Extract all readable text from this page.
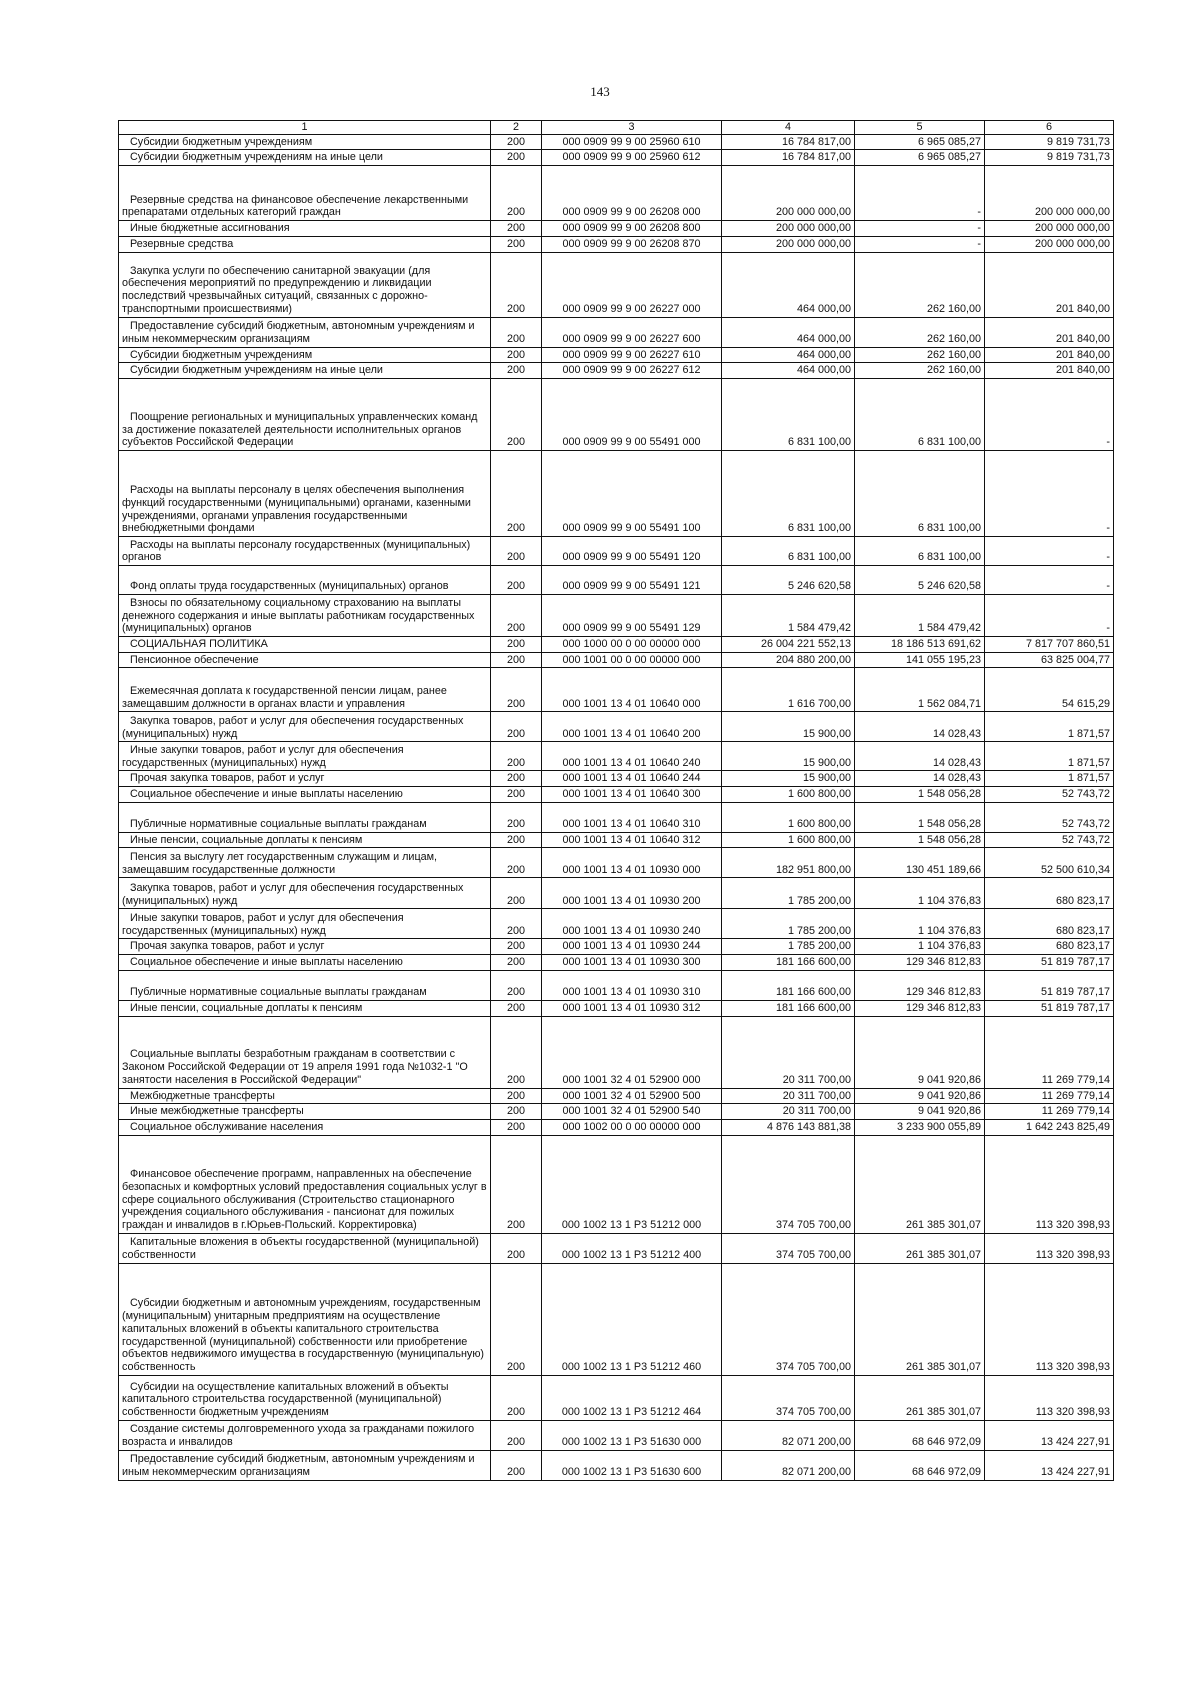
143
1	2	3	4	5	6
Субсидии бюджетным учреждениям	200	000 0909 99 9 00 25960 610	16 784 817,00	6 965 085,27	9 819 731,73
Субсидии бюджетным учреждениям на иные цели	200	000 0909 99 9 00 25960 612	16 784 817,00	6 965 085,27	9 819 731,73
Резервные средства на финансовое обеспечение лекарственными препаратами отдельных категорий граждан	200	000 0909 99 9 00 26208 000	200 000 000,00	-	200 000 000,00
Иные бюджетные ассигнования	200	000 0909 99 9 00 26208 800	200 000 000,00	-	200 000 000,00
Резервные средства	200	000 0909 99 9 00 26208 870	200 000 000,00	-	200 000 000,00
Закупка услуги по обеспечению санитарной эвакуации (для обеспечения мероприятий по предупреждению и ликвидации последствий чрезвычайных ситуаций, связанных с дорожно-транспортными происшествиями)	200	000 0909 99 9 00 26227 000	464 000,00	262 160,00	201 840,00
Предоставление субсидий бюджетным, автономным учреждениям и иным некоммерческим организациям	200	000 0909 99 9 00 26227 600	464 000,00	262 160,00	201 840,00
Субсидии бюджетным учреждениям	200	000 0909 99 9 00 26227 610	464 000,00	262 160,00	201 840,00
Субсидии бюджетным учреждениям на иные цели	200	000 0909 99 9 00 26227 612	464 000,00	262 160,00	201 840,00
Поощрение региональных и муниципальных управленческих команд за достижение показателей деятельности исполнительных органов субъектов Российской Федерации	200	000 0909 99 9 00 55491 000	6 831 100,00	6 831 100,00	-
Расходы на выплаты персоналу в целях обеспечения выполнения функций государственными (муниципальными) органами, казенными учреждениями, органами управления государственными внебюджетными фондами	200	000 0909 99 9 00 55491 100	6 831 100,00	6 831 100,00	-
Расходы на выплаты персоналу государственных (муниципальных) органов	200	000 0909 99 9 00 55491 120	6 831 100,00	6 831 100,00	-
Фонд оплаты труда государственных (муниципальных) органов	200	000 0909 99 9 00 55491 121	5 246 620,58	5 246 620,58	-
Взносы по обязательному социальному страхованию на выплаты денежного содержания и иные выплаты работникам государственных (муниципальных) органов	200	000 0909 99 9 00 55491 129	1 584 479,42	1 584 479,42	-
СОЦИАЛЬНАЯ ПОЛИТИКА	200	000 1000 00 0 00 00000 000	26 004 221 552,13	18 186 513 691,62	7 817 707 860,51
Пенсионное обеспечение	200	000 1001 00 0 00 00000 000	204 880 200,00	141 055 195,23	63 825 004,77
Ежемесячная доплата к государственной пенсии лицам, ранее замещавшим должности в органах власти и управления	200	000 1001 13 4 01 10640 000	1 616 700,00	1 562 084,71	54 615,29
Закупка товаров, работ и услуг для обеспечения государственных (муниципальных) нужд	200	000 1001 13 4 01 10640 200	15 900,00	14 028,43	1 871,57
Иные закупки товаров, работ и услуг для обеспечения государственных (муниципальных) нужд	200	000 1001 13 4 01 10640 240	15 900,00	14 028,43	1 871,57
Прочая закупка товаров, работ и услуг	200	000 1001 13 4 01 10640 244	15 900,00	14 028,43	1 871,57
Социальное обеспечение и иные выплаты населению	200	000 1001 13 4 01 10640 300	1 600 800,00	1 548 056,28	52 743,72
Публичные нормативные социальные выплаты гражданам	200	000 1001 13 4 01 10640 310	1 600 800,00	1 548 056,28	52 743,72
Иные пенсии, социальные доплаты к пенсиям	200	000 1001 13 4 01 10640 312	1 600 800,00	1 548 056,28	52 743,72
Пенсия за выслугу лет государственным служащим и лицам, замещавшим государственные должности	200	000 1001 13 4 01 10930 000	182 951 800,00	130 451 189,66	52 500 610,34
Закупка товаров, работ и услуг для обеспечения государственных (муниципальных) нужд	200	000 1001 13 4 01 10930 200	1 785 200,00	1 104 376,83	680 823,17
Иные закупки товаров, работ и услуг для обеспечения государственных (муниципальных) нужд	200	000 1001 13 4 01 10930 240	1 785 200,00	1 104 376,83	680 823,17
Прочая закупка товаров, работ и услуг	200	000 1001 13 4 01 10930 244	1 785 200,00	1 104 376,83	680 823,17
Социальное обеспечение и иные выплаты населению	200	000 1001 13 4 01 10930 300	181 166 600,00	129 346 812,83	51 819 787,17
Публичные нормативные социальные выплаты гражданам	200	000 1001 13 4 01 10930 310	181 166 600,00	129 346 812,83	51 819 787,17
Иные пенсии, социальные доплаты к пенсиям	200	000 1001 13 4 01 10930 312	181 166 600,00	129 346 812,83	51 819 787,17
Социальные выплаты безработным гражданам в соответствии с Законом Российской Федерации от 19 апреля 1991 года №1032-1 "О занятости населения в Российской Федерации"	200	000 1001 32 4 01 52900 000	20 311 700,00	9 041 920,86	11 269 779,14
Межбюджетные трансферты	200	000 1001 32 4 01 52900 500	20 311 700,00	9 041 920,86	11 269 779,14
Иные межбюджетные трансферты	200	000 1001 32 4 01 52900 540	20 311 700,00	9 041 920,86	11 269 779,14
Социальное обслуживание населения	200	000 1002 00 0 00 00000 000	4 876 143 881,38	3 233 900 055,89	1 642 243 825,49
Финансовое обеспечение программ, направленных на обеспечение безопасных и комфортных условий предоставления социальных услуг в сфере социального обслуживания (Строительство стационарного учреждения социального обслуживания - пансионат для пожилых граждан и инвалидов в г.Юрьев-Польский. Корректировка)	200	000 1002 13 1 P3 51212 000	374 705 700,00	261 385 301,07	113 320 398,93
Капитальные вложения в объекты государственной (муниципальной) собственности	200	000 1002 13 1 P3 51212 400	374 705 700,00	261 385 301,07	113 320 398,93
Субсидии бюджетным и автономным учреждениям, государственным (муниципальным) унитарным предприятиям на осуществление капитальных вложений в объекты капитального строительства государственной (муниципальной) собственности или приобретение объектов недвижимого имущества в государственную (муниципальную) собственность	200	000 1002 13 1 P3 51212 460	374 705 700,00	261 385 301,07	113 320 398,93
Субсидии на осуществление капитальных вложений в объекты капитального строительства государственной (муниципальной) собственности бюджетным учреждениям	200	000 1002 13 1 P3 51212 464	374 705 700,00	261 385 301,07	113 320 398,93
Создание системы долговременного ухода за гражданами пожилого возраста и инвалидов	200	000 1002 13 1 P3 51630 000	82 071 200,00	68 646 972,09	13 424 227,91
Предоставление субсидий бюджетным, автономным учреждениям и иным некоммерческим организациям	200	000 1002 13 1 P3 51630 600	82 071 200,00	68 646 972,09	13 424 227,91
